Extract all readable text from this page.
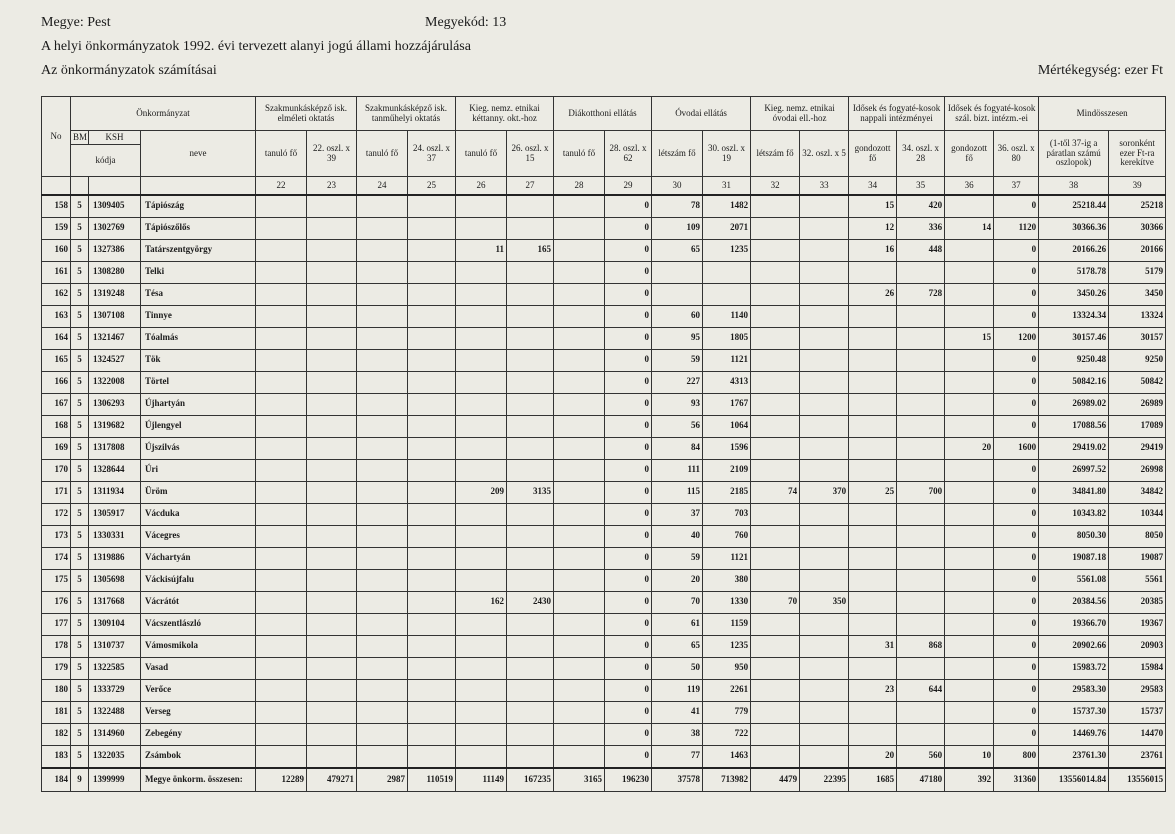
Megye: Pest	Megyekód: 13
A helyi önkormányzatok 1992. évi tervezett alanyi jogú állami hozzájárulása
Az önkormányzatok számításai	Mértékegység: ezer Ft
No	Önkormányzat			Szakmunkásképző isk. elméleti oktatás		Szakmunkásképző isk. tanműhelyi oktatás		Kieg. nemz. etnikai kéttanny. okt.-hoz		Diákotthoni ellátás		Óvodai ellátás		Kieg. nemz. etnikai óvodai ell.-hoz		Idősek és fogyaté-kosok nappali intézményei		Idősek és fogyaté-kosok szál. bizt. intézm.-ei		Mindösszesen	
	BM	KSH	neve	tanuló fő	22. oszl. x 39	tanuló fő	24. oszl. x 37	tanuló fő	26. oszl. x 15	tanuló fő	28. oszl. x 62	létszám fő	30. oszl. x 19	létszám fő	32. oszl. x 5	gondozott fő	34. oszl. x 28	gondozott fő	36. oszl. x 80	(1-től 37-ig a páratlan számú oszlopok)	soronként ezer Ft-ra kerekítve
	kódja																				
				22	23	24	25	26	27	28	29	30	31	32	33	34	35	36	37	38	39
158	5	1309405	Tápiószág								0	78	1482			15	420		0	25218.44	25218
159	5	1302769	Tápiószőlős								0	109	2071			12	336	14	1120	30366.36	30366
160	5	1327386	Tatárszentgyörgy					11	165		0	65	1235			16	448		0	20166.26	20166
161	5	1308280	Telki								0								0	5178.78	5179
162	5	1319248	Tésa								0					26	728		0	3450.26	3450
163	5	1307108	Tinnye								0	60	1140						0	13324.34	13324
164	5	1321467	Tóalmás								0	95	1805					15	1200	30157.46	30157
165	5	1324527	Tök								0	59	1121						0	9250.48	9250
166	5	1322008	Törtel								0	227	4313						0	50842.16	50842
167	5	1306293	Újhartyán								0	93	1767						0	26989.02	26989
168	5	1319682	Újlengyel								0	56	1064						0	17088.56	17089
169	5	1317808	Újszilvás								0	84	1596					20	1600	29419.02	29419
170	5	1328644	Úri								0	111	2109						0	26997.52	26998
171	5	1311934	Üröm					209	3135		0	115	2185	74	370	25	700		0	34841.80	34842
172	5	1305917	Vácduka								0	37	703						0	10343.82	10344
173	5	1330331	Vácegres								0	40	760						0	8050.30	8050
174	5	1319886	Váchartyán								0	59	1121						0	19087.18	19087
175	5	1305698	Váckisújfalu								0	20	380						0	5561.08	5561
176	5	1317668	Vácrátót					162	2430		0	70	1330	70	350				0	20384.56	20385
177	5	1309104	Vácszentlászló								0	61	1159						0	19366.70	19367
178	5	1310737	Vámosmikola								0	65	1235			31	868		0	20902.66	20903
179	5	1322585	Vasad								0	50	950						0	15983.72	15984
180	5	1333729	Verőce								0	119	2261			23	644		0	29583.30	29583
181	5	1322488	Verseg								0	41	779						0	15737.30	15737
182	5	1314960	Zebegény								0	38	722						0	14469.76	14470
183	5	1322035	Zsámbok								0	77	1463			20	560	10	800	23761.30	23761
184	9	1399999	Megye önkorm. összesen:	12289	479271	2987	110519	11149	167235	3165	196230	37578	713982	4479	22395	1685	47180	392	31360	13556014.84	13556015
